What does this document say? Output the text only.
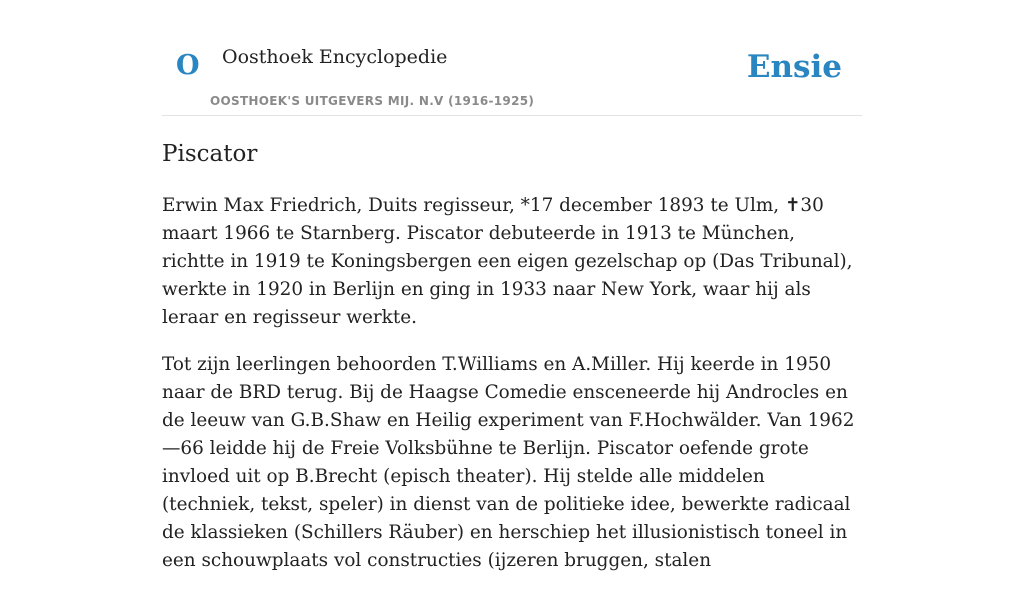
O Oosthoek Encyclopedie
OOSTHOEK'S UITGEVERS MIJ. N.V (1916-1925)
Ensie
Piscator

Erwin Max Friedrich, Duits regisseur, *17 december 1893 te Ulm, ✝30 maart 1966 te Starnberg. Piscator debuteerde in 1913 te München, richtte in 1919 te Koningsbergen een eigen gezelschap op (Das Tribunal), werkte in 1920 in Berlijn en ging in 1933 naar New York, waar hij als leraar en regisseur werkte.

Tot zijn leerlingen behoorden T.Williams en A.Miller. Hij keerde in 1950 naar de BRD terug. Bij de Haagse Comedie ensceneerde hij Androcles en de leeuw van G.B.Shaw en Heilig experiment van F.Hochwälder. Van 1962—66 leidde hij de Freie Volksbühne te Berlijn. Piscator oefende grote invloed uit op B.Brecht (episch theater). Hij stelde alle middelen (techniek, tekst, speler) in dienst van de politieke idee, bewerkte radicaal de klassieken (Schillers Räuber) en herschiep het illusionistisch toneel in een schouwplaats vol constructies (ijzeren bruggen, stalen
